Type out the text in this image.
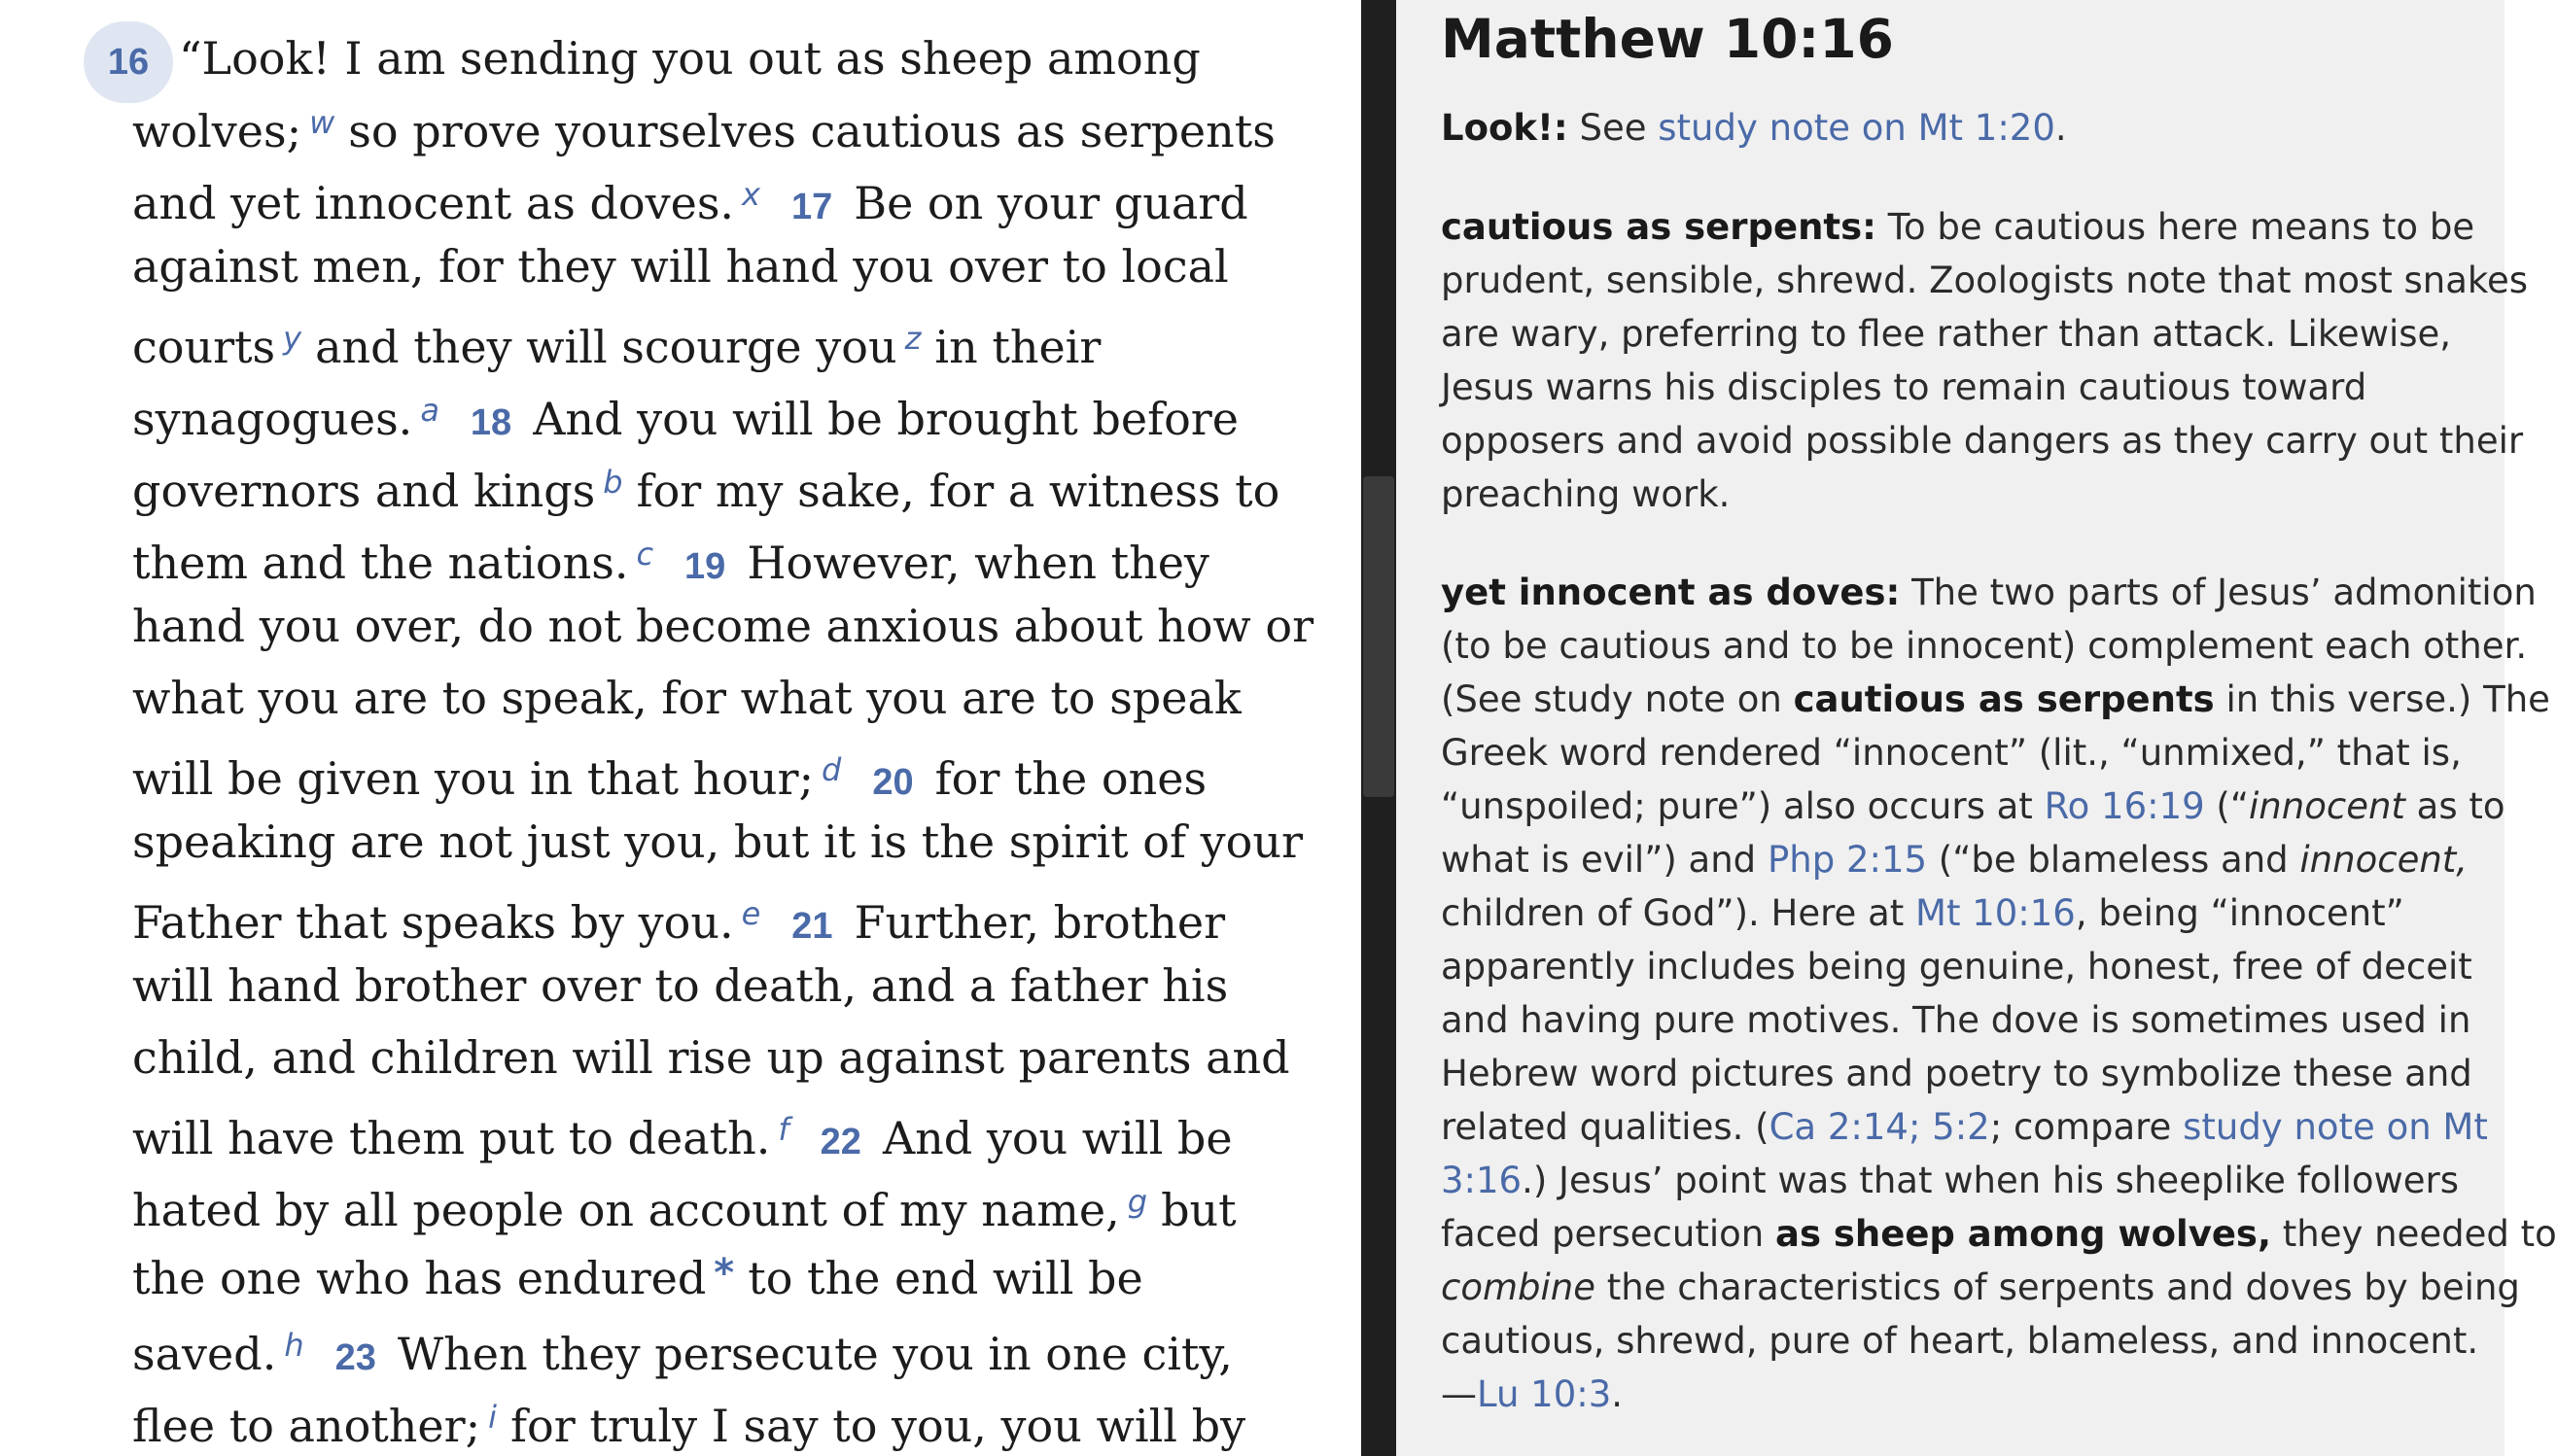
16 “Look! I am sending you out as sheep among

wolves; $^w$ so prove yourselves cautious as serpents

and yet innocent as doves. $^x$ 17 Be on your guard

against men, for they will hand you over to local

courts $^y$ and they will scourge you $^z$ in their

synagogues. $^a$ 18 And you will be brought before

governors and kings $^b$ for my sake, for a witness to

them and the nations. $^c$ 19 However, when they

hand you over, do not become anxious about how or

what you are to speak, for what you are to speak

will be given you in that hour; $^d$ 20 for the ones

speaking are not just you, but it is the spirit of your

Father that speaks by you. $^e$ 21 Further, brother

will hand brother over to death, and a father his

child, and children will rise up against parents and

will have them put to death. $^f$ 22 And you will be

hated by all people on account of my name, $^g$ but

the one who has endured * to the end will be

saved. $^h$ 23 When they persecute you in one city,

flee to another; $^i$ for truly I say to you, you will by

Matthew 10:16

Look!: See study note on Mt 1:20.

cautious as serpents: To be cautious here means to be

prudent, sensible, shrewd. Zoologists note that most snakes

are wary, preferring to flee rather than attack. Likewise,

Jesus warns his disciples to remain cautious toward

opposers and avoid possible dangers as they carry out their

preaching work.

yet innocent as doves: The two parts of Jesus’ admonition

(to be cautious and to be innocent) complement each other.

(See study note on cautious as serpents in this verse.) The

Greek word rendered “innocent” (lit., “unmixed,” that is,

“unspoiled; pure”) also occurs at Ro 16:19 (“innocent as to

what is evil”) and Php 2:15 (“be blameless and innocent,

children of God”). Here at Mt 10:16, being “innocent”

apparently includes being genuine, honest, free of deceit

and having pure motives. The dove is sometimes used in

Hebrew word pictures and poetry to symbolize these and

related qualities. (Ca 2:14; 5:2; compare study note on Mt

3:16.) Jesus’ point was that when his sheeplike followers

faced persecution as sheep among wolves, they needed to

combine the characteristics of serpents and doves by being

cautious, shrewd, pure of heart, blameless, and innocent.

—Lu 10:3.
